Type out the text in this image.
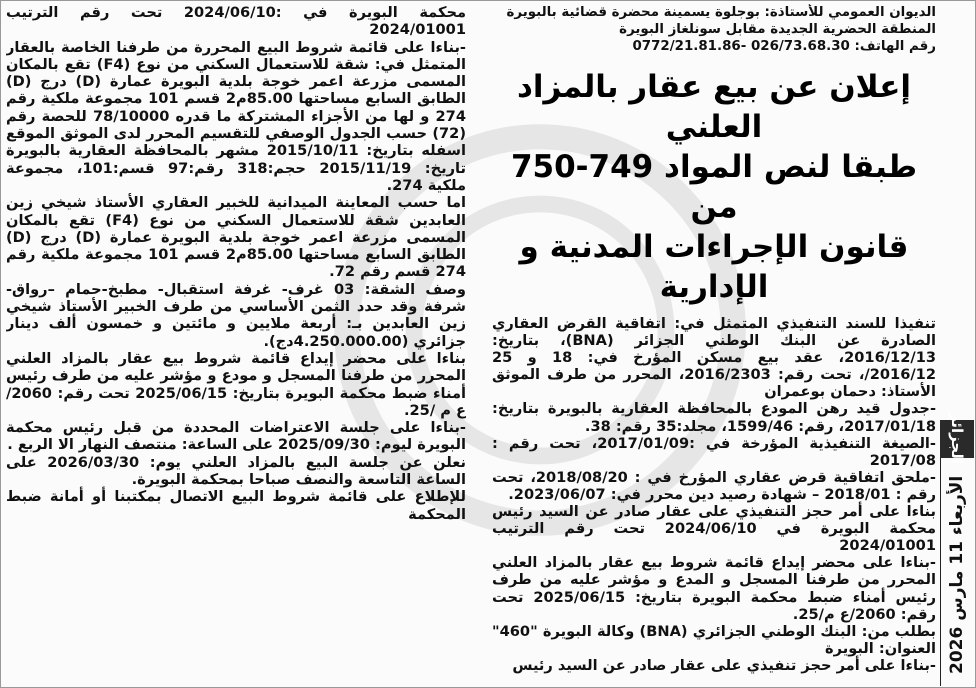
محكمة البويرة في :2024/06/10 تحت رقم الترتيب 2024/01001

-بناءا على قائمة شروط البيع المحررة من طرفنا الخاصة بالعقار المتمثل في: شقة للاستعمال السكني من نوع (F4) تقع بالمكان المسمى مزرعة اعمر خوجة بلدية البويرة عمارة (D) درج (D) الطابق السابع مساحتها 85.00م2 قسم 101 مجموعة ملكية رقم 274 و لها من الأجزاء المشتركة ما قدره 78/10000 للحصة رقم (72) حسب الجدول الوصفي للتقسيم المحرر لدى الموثق الموقع اسفله بتاريخ: 2015/10/11 مشهر بالمحافظة العقارية بالبويرة تاريخ: 2015/11/19 حجم:318 رقم:97 قسم:101، مجموعة ملكية 274.

اما حسب المعاينة الميدانية للخبير العقاري الأستاذ شيخي زين العابدين شقة للاستعمال السكني من نوع (F4) تقع بالمكان المسمى مزرعة اعمر خوجة بلدية البويرة عمارة (D) درج (D) الطابق السابع مساحتها 85.00م2 قسم 101 مجموعة ملكية رقم 274 قسم رقم 72.

وصف الشقة: 03 غرف- غرفة استقبال- مطبخ-حمام –رواق- شرفة وقد حدد الثمن الأساسي من طرف الخبير الأستاذ شيخي زين العابدين بـ: أربعة ملايين و مائتين و خمسون ألف دينار جزائري (4.250.000.00دج).

بناءا على محضر إيداع قائمة شروط بيع عقار بالمزاد العلني المحرر من طرفنا المسجل و مودع و مؤشر عليه من طرف رئيس أمناء ضبط محكمة البويرة بتاريخ: 2025/06/15 تحت رقم: 2060/ ع م /25.

-بناءا على جلسة الاعتراضات المحددة من قبل رئيس محكمة البويرة ليوم: 2025/09/30 على الساعة: منتصف النهار الا الربع .

نعلن عن جلسة البيع بالمزاد العلني يوم: 2026/03/30 على الساعة التاسعة والنصف صباحا بمحكمة البويرة.

للإطلاع على قائمة شروط البيع الاتصال بمكتبنا أو أمانة ضبط المحكمة

الديوان العمومي للأستاذة: بوجلوة يسمينة محضرة قضائية بالبويرة
المنطقة الحضرية الجديدة مقابل سونلغاز البويرة
رقم الهاتف: 026/73.68.30 -0772/21.81.86
إعلان عن بيع عقار بالمزاد العلني
طبقا لنص المواد 749-750 من
قانون الإجراءات المدنية و الإدارية

تنفيذا للسند التنفيذي المتمثل في: اتفاقية القرض العقاري الصادرة عن البنك الوطني الجزائر (BNA)، بتاريخ: 2016/12/13، عقد بيع مسكن المؤرخ في: 18 و 25 2016/12/، تحت رقم: 2016/2303، المحرر من طرف الموثق الأستاذ: دحمان بوعمران

-جدول قيد رهن المودع بالمحافظة العقارية بالبويرة بتاريخ: 2017/01/18، رقم: 1599/46، مجلد:35 رقم: 38.

-الصيغة التنفيذية المؤرخة في :2017/01/09، تحت رقم : 2017/08

-ملحق اتفاقية قرض عقاري المؤرخ في : 2018/08/20، تحت رقم : 2018/01 – شهادة رصيد دين محرر في: 2023/06/07.

بناءا على أمر حجز التنفيذي على عقار صادر عن السيد رئيس محكمة البويرة في 2024/06/10 تحت رقم الترتيب 2024/01001

-بناءا على محضر إيداع قائمة شروط بيع عقار بالمزاد العلني المحرر من طرفنا المسجل و المدع و مؤشر عليه من طرف رئيس أمناء ضبط محكمة البويرة بتاريخ: 2025/06/15 تحت رقم: 2060/ع م/25.

بطلب من: البنك الوطني الجزائري (BNA) وكالة البويرة "460" العنوان: البويرة

-بناءا على أمر حجز تنفيذي على عقار صادر عن السيد رئيس

الجزائر
الأربعاء 11 مارس 2026
